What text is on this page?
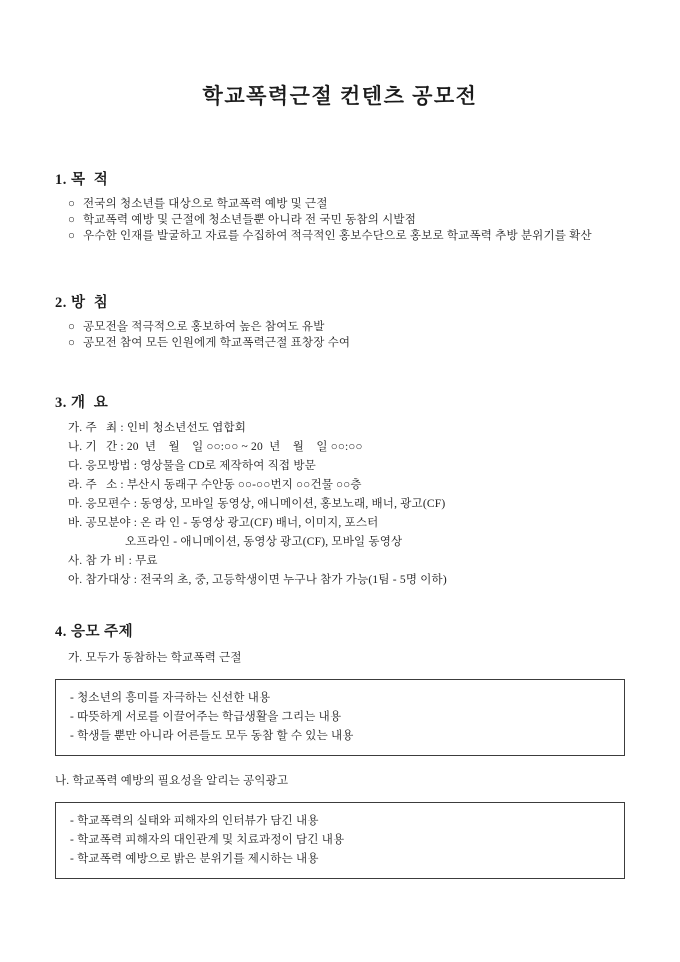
학교폭력근절 컨텐츠 공모전
1. 목  적
○ 전국의 청소년를 대상으로 학교폭력 예방 및 근절
○ 학교폭력 예방 및 근절에 청소년들뿐 아니라 전 국민 동참의 시발점
○ 우수한 인재를 발굴하고 자료를 수집하여 적극적인 홍보수단으로 홍보로 학교폭력 추방 분위기를 확산
2. 방  침
○ 공모전을 적극적으로 홍보하여 높은 참여도 유발
○ 공모전 참여 모든 인원에게 학교폭력근절 표창장 수여
3. 개  요
가. 주   최 : 인비 청소년선도 엽합회
나. 기   간 : 20  년    월    일 ○○:○○ ~ 20  년    월    일 ○○:○○
다. 응모방법 : 영상물을 CD로 제작하여 직접 방문
라. 주   소 : 부산시 동래구 수안동 ○○-○○번지 ○○건물 ○○층
마. 응모편수 : 동영상, 모바일 동영상, 애니메이션, 홍보노래, 배너, 광고(CF)
바. 공모분야 : 온 라 인 - 동영상 광고(CF) 배너, 이미지, 포스터
오프라인 - 애니메이션, 동영상 광고(CF), 모바일 동영상
사. 참 가 비 : 무료
아. 참가대상 : 전국의 초, 중, 고등학생이면 누구나 참가 가능(1팀 - 5명 이하)
4. 응모 주제
가. 모두가 동참하는 학교폭력 근절
- 청소년의 흥미를 자극하는 신선한 내용
- 따뜻하게 서로를 이끌어주는 학급생활을 그리는 내용
- 학생들 뿐만 아니라 어른들도 모두 동참 할 수 있는 내용
나. 학교폭력 예방의 필요성을 알리는 공익광고
- 학교폭력의 실태와 피해자의 인터뷰가 담긴 내용
- 학교폭력 피해자의 대인관계 및 치료과정이 담긴 내용
- 학교폭력 예방으로 밝은 분위기를 제시하는 내용
